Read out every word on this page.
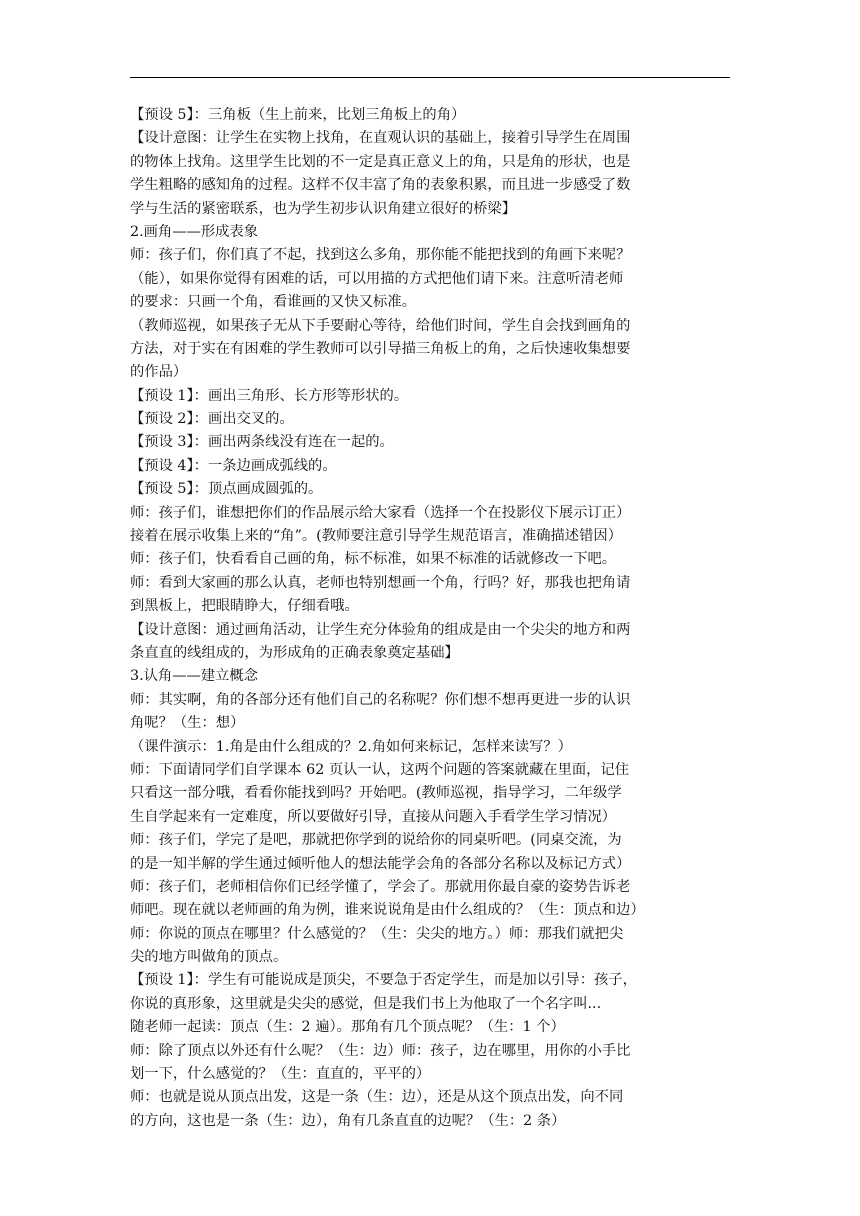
【预设 5】：三角板（生上前来，比划三角板上的角）
【设计意图：让学生在实物上找角，在直观认识的基础上，接着引导学生在周围
的物体上找角。这里学生比划的不一定是真正意义上的角，只是角的形状，也是
学生粗略的感知角的过程。这样不仅丰富了角的表象积累，而且进一步感受了数
学与生活的紧密联系，也为学生初步认识角建立很好的桥梁】
2.画角——形成表象
师：孩子们，你们真了不起，找到这么多角，那你能不能把找到的角画下来呢？
（能），如果你觉得有困难的话，可以用描的方式把他们请下来。注意听清老师
的要求：只画一个角，看谁画的又快又标准。
（教师巡视，如果孩子无从下手要耐心等待，给他们时间，学生自会找到画角的
方法，对于实在有困难的学生教师可以引导描三角板上的角，之后快速收集想要
的作品）
【预设 1】：画出三角形、长方形等形状的。
【预设 2】：画出交叉的。
【预设 3】：画出两条线没有连在一起的。
【预设 4】：一条边画成弧线的。
【预设 5】：顶点画成圆弧的。
师：孩子们，谁想把你们的作品展示给大家看（选择一个在投影仪下展示订正）
接着在展示收集上来的“角”。(教师要注意引导学生规范语言，准确描述错因）
师：孩子们，快看看自己画的角，标不标准，如果不标准的话就修改一下吧。
师：看到大家画的那么认真，老师也特别想画一个角，行吗？好，那我也把角请
到黑板上，把眼睛睁大，仔细看哦。
【设计意图：通过画角活动，让学生充分体验角的组成是由一个尖尖的地方和两
条直直的线组成的，为形成角的正确表象奠定基础】
3.认角——建立概念
师：其实啊，角的各部分还有他们自己的名称呢？你们想不想再更进一步的认识
角呢？（生：想）
（课件演示：1.角是由什么组成的？2.角如何来标记，怎样来读写？）
师：下面请同学们自学课本 62 页认一认，这两个问题的答案就藏在里面，记住
只看这一部分哦，看看你能找到吗？开始吧。(教师巡视，指导学习，二年级学
生自学起来有一定难度，所以要做好引导，直接从问题入手看学生学习情况）
师：孩子们，学完了是吧，那就把你学到的说给你的同桌听吧。(同桌交流，为
的是一知半解的学生通过倾听他人的想法能学会角的各部分名称以及标记方式）
师：孩子们，老师相信你们已经学懂了，学会了。那就用你最自豪的姿势告诉老
师吧。现在就以老师画的角为例，谁来说说角是由什么组成的？（生：顶点和边）
师：你说的顶点在哪里？什么感觉的？（生：尖尖的地方。）师：那我们就把尖
尖的地方叫做角的顶点。
【预设 1】：学生有可能说成是顶尖，不要急于否定学生，而是加以引导：孩子，
你说的真形象，这里就是尖尖的感觉，但是我们书上为他取了一个名字叫...
随老师一起读：顶点（生：2 遍）。那角有几个顶点呢？（生：1 个）
师：除了顶点以外还有什么呢？（生：边）师：孩子，边在哪里，用你的小手比
划一下，什么感觉的？（生：直直的，平平的）
师：也就是说从顶点出发，这是一条（生：边），还是从这个顶点出发，向不同
的方向，这也是一条（生：边），角有几条直直的边呢？（生：2 条）
